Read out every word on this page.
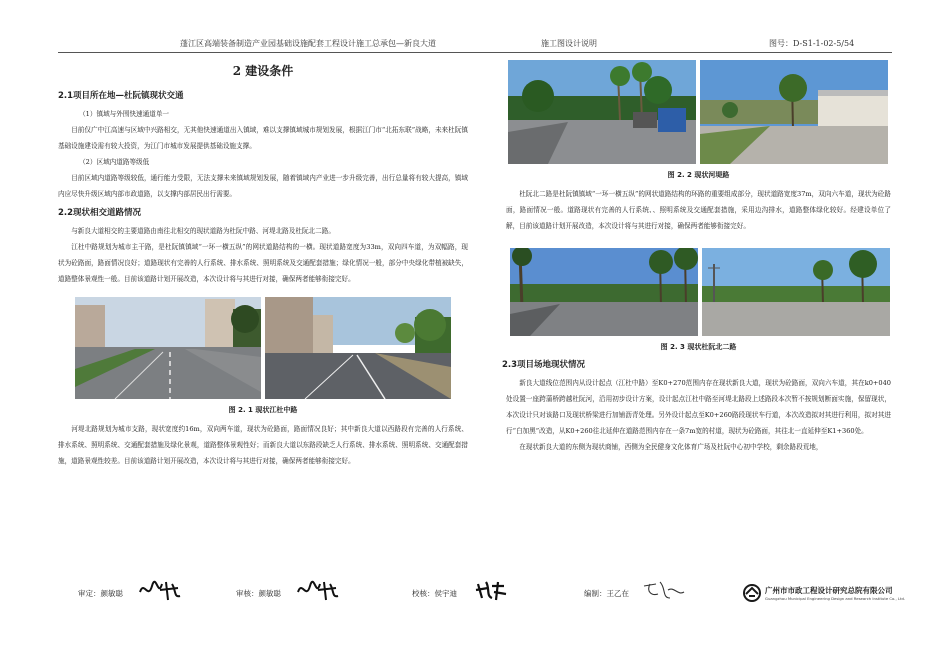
蓬江区高端装备制造产业园基础设施配套工程设计施工总承包—新良大道	施工图设计说明	图号：D-S1-1-02-5/54
2 建设条件
2.1项目所在地—杜阮镇现状交通

（1）镇域与外围快速通道单一

目前仅广中江高速与区域中兴路相交，无其他快速通道出入镇域，难以支撑镇域城市规划发展，根据江门市“北拓东联”战略，未来杜阮镇基础设施建设需有较大投资，为江门市城市发展提供基础设施支撑。

（2）区域内道路等级低

目前区域内道路等级较低，通行能力受限，无法支撑未来镇域规划发展，随着镇域内产业进一步升级完善，出行总量将有较大提高，镇域内应尽快升级区域内部市政道路，以支撑内部居民出行需要。

2.2现状相交道路情况

与新良大道相交的主要道路由南往北相交的现状道路为杜阮中路、河堤北路及杜阮北二路。

江杜中路规划为城市主干路，是杜阮镇镇域“一环一横五纵”的网状道路结构的一横。现状道路宽度为33m，双向四车道，为双幅路，现状为砼路面，路面情况良好；道路现状有完善的人行系统、排水系统、照明系统及交通配套措施；绿化情况一般，部分中央绿化带植被缺失，道路整体景观性一般。目前该道路计划开展改造，本次设计将与其进行对接，确保两者能够衔接完好。

图 2. 1 现状江杜中路

河堤北路规划为城市支路，现状宽度约16m，双向两车道，现状为砼路面，路面情况良好；其中新良大道以西路段有完善的人行系统、排水系统、照明系统、交通配套措施及绿化景观，道路整体景观性好；而新良大道以东路段缺乏人行系统、排水系统、照明系统、交通配套措施，道路景观性较差。目前该道路计划开展改造，本次设计将与其进行对接，确保两者能够衔接完好。

图 2. 2 现状河堤路

杜阮北二路是杜阮镇镇域“一环一横五纵”的网状道路结构的环路的重要组成部分，现状道路宽度37m，双向六车道，现状为砼路面，路面情况一般。道路现状有完善的人行系统、、照明系统及交通配套措施，采用边沟排水，道路整体绿化较好。经建设单位了解，目前该道路计划开展改造，本次设计将与其进行对接，确保两者能够衔接完好。

图 2. 3 现状杜阮北二路
2.3项目场地现状情况

新良大道线位范围内从设计起点（江杜中路）至K0+270范围内存在现状新良大道，现状为砼路面，双向六车道，其在k0+040处设置一座跨蒲桥跨越杜阮河，沿用初步设计方案，设计起点江杜中路至河堤北路段上述路段本次暂不按规划断面实施，保留现状，本次设计只对该路口及现状桥梁进行加铺沥青处理。另外设计起点至K0+260路段现状车行道，本次改造拟对其进行利用，拟对其进行“白加黑”改造，从K0+260往北延伸在道路范围内存在一条7m宽的村道，现状为砼路面，其往北一直延伸至K1+360处。

在现状新良大道的东侧为现状商铺，西侧为全民健身文化体育广场及杜阮中心初中学校，剩余路段荒地，

审定：颜敏聪	审核：颜敏聪	校核：侯宇迪	编制：王乙在	广州市市政工程设计研究总院有限公司
Guangzhou Municipal Engineering Design and Research Institute Co., Ltd.
